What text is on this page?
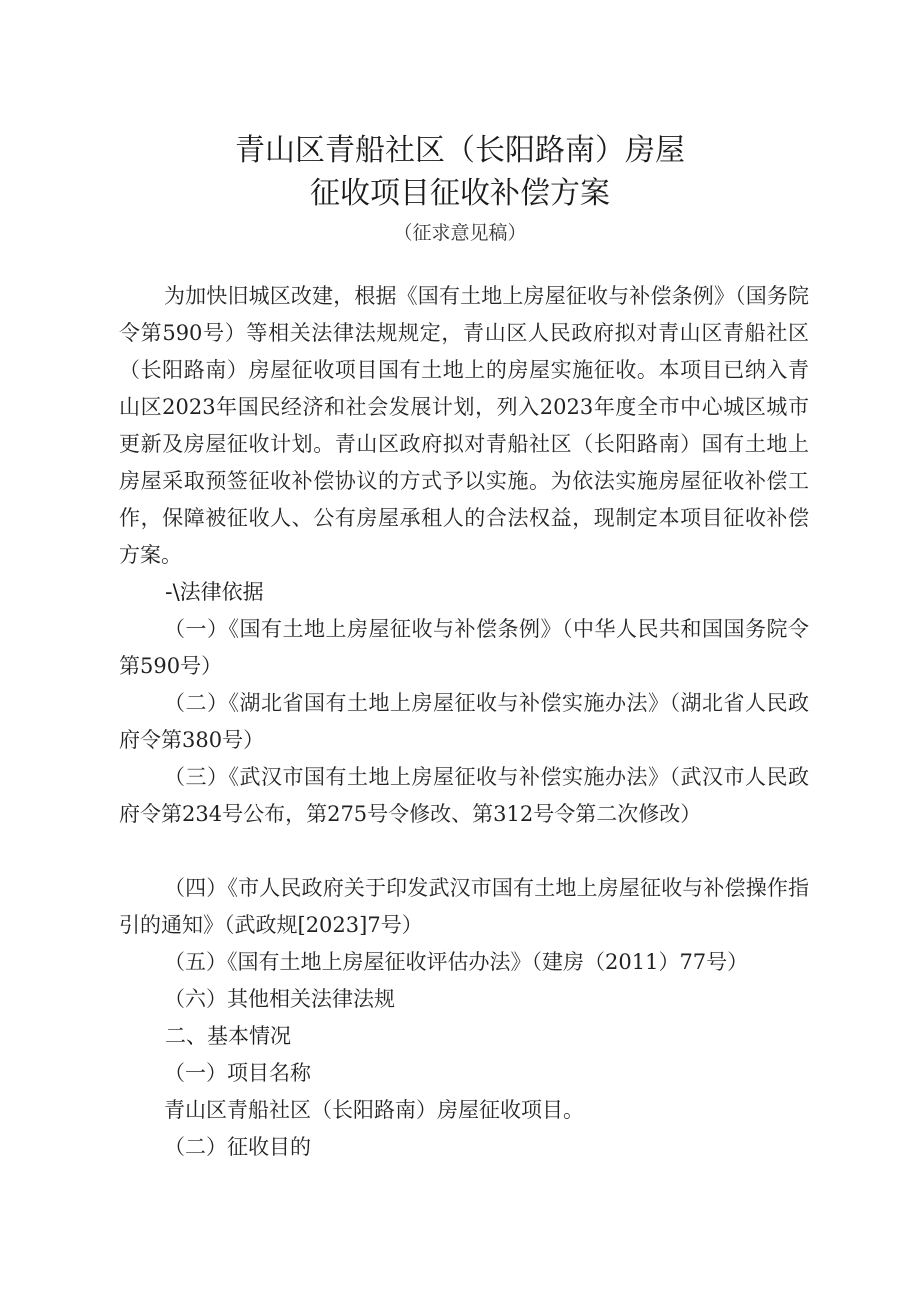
青山区青船社区（长阳路南）房屋
征收项目征收补偿方案
（征求意见稿）

为加快旧城区改建，根据《国有土地上房屋征收与补偿条例》（国务院令第590号）等相关法律法规规定，青山区人民政府拟对青山区青船社区（长阳路南）房屋征收项目国有土地上的房屋实施征收。本项目已纳入青山区2023年国民经济和社会发展计划，列入2023年度全市中心城区城市更新及房屋征收计划。青山区政府拟对青船社区（长阳路南）国有土地上房屋采取预签征收补偿协议的方式予以实施。为依法实施房屋征收补偿工作，保障被征收人、公有房屋承租人的合法权益，现制定本项目征收补偿方案。

-\法律依据

（一）《国有土地上房屋征收与补偿条例》（中华人民共和国国务院令第590号）

（二）《湖北省国有土地上房屋征收与补偿实施办法》（湖北省人民政府令第380号）

（三）《武汉市国有土地上房屋征收与补偿实施办法》（武汉市人民政府令第234号公布，第275号令修改、第312号令第二次修改）

（四）《市人民政府关于印发武汉市国有土地上房屋征收与补偿操作指引的通知》（武政规[2023]7号）

（五）《国有土地上房屋征收评估办法》（建房（2011）77号）

（六）其他相关法律法规
二、基本情况
（一）项目名称
青山区青船社区（长阳路南）房屋征收项目。
（二）征收目的
